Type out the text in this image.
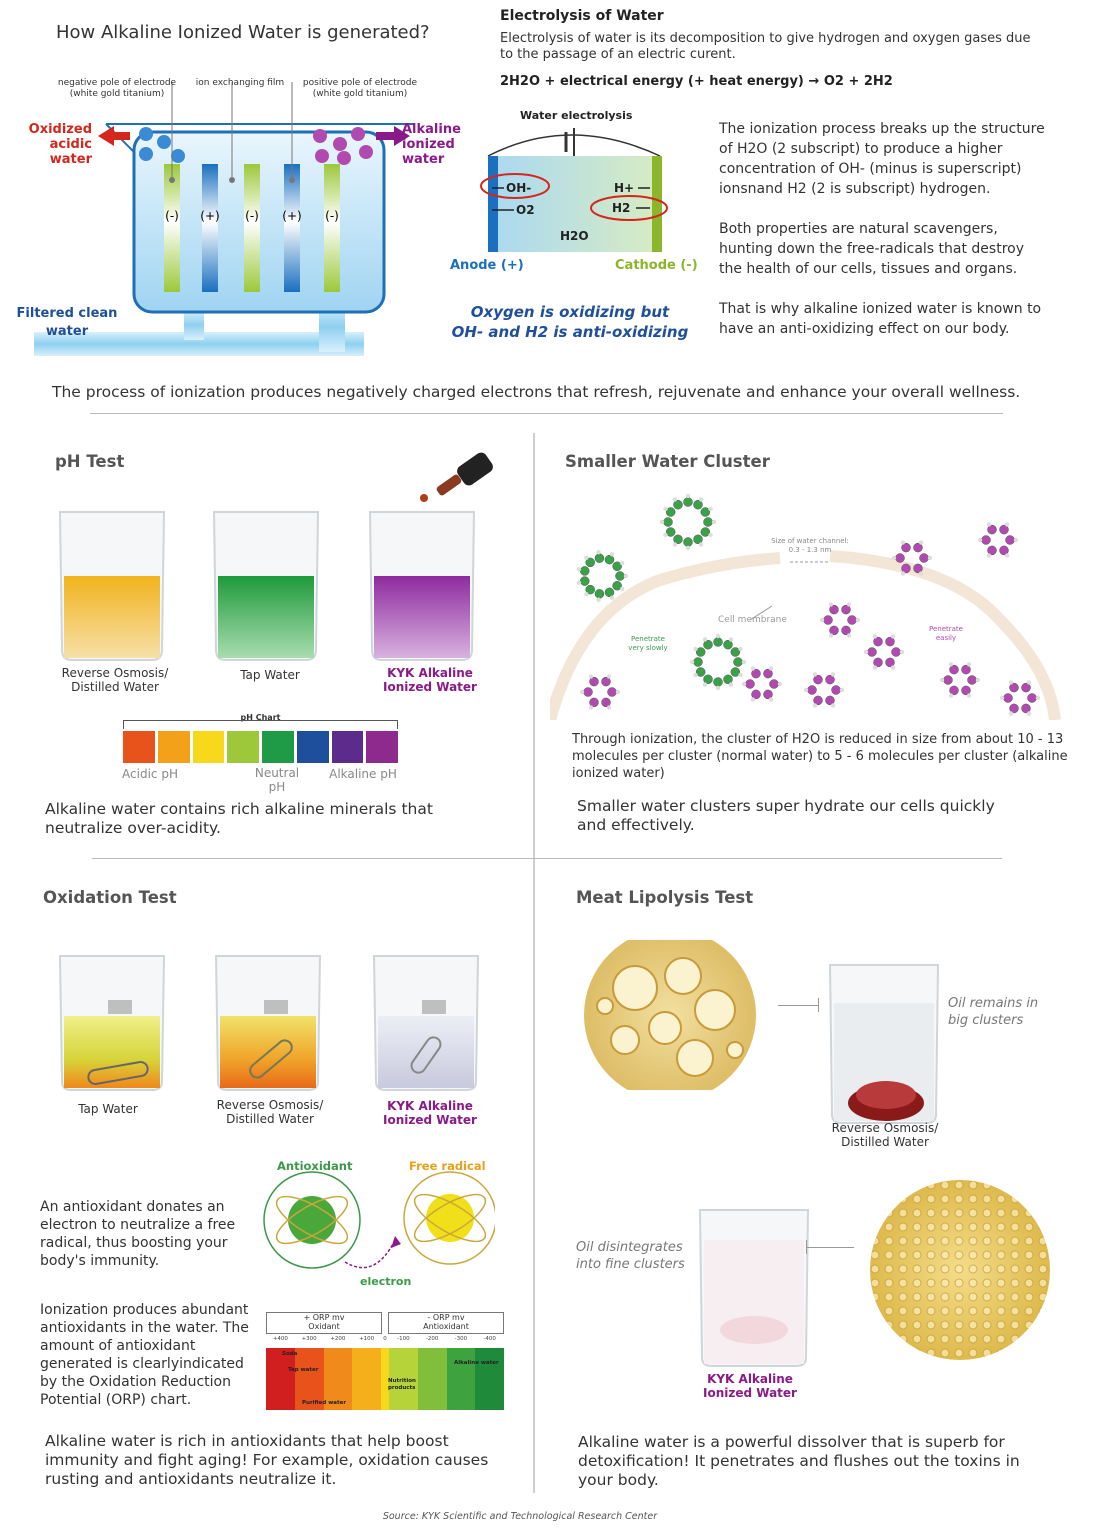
How Alkaline Ionized Water is generated?
(-) (+) (-) (+) (-)
negative pole of electrode
(white gold titanium)
ion exchanging film	positive pole of electrode
(white gold titanium)
Oxidized
acidic
water
Alkaline
ionized
water
Filtered clean
water
Electrolysis of Water
Electrolysis of water is its decomposition to give hydrogen and oxygen gases due to the passage of an electric curent.
2H2O + electrical energy (+ heat energy) → O2 + 2H2
OH-
O2
H+
H2
H2O
Water electrolysis
Anode (+)	Cathode (-)
Oxygen is oxidizing but
OH- and H2 is anti-oxidizing
The ionization process breaks up the structure of H2O (2 subscript) to produce a higher concentration of OH- (minus is superscript) ionsnand H2 (2 is subscript) hydrogen.
Both properties are natural scavengers, hunting down the free-radicals that destroy the health of our cells, tissues and organs.
That is why alkaline ionized water is known to have an anti-oxidizing effect on our body.
The process of ionization produces negatively charged electrons that refresh, rejuvenate and enhance your overall wellness.
pH Test
Reverse Osmosis/
Distilled Water
Tap Water	KYK Alkaline
Ionized Water
pH Chart
Acidic pH	Neutral
pH
Alkaline pH
Alkaline water contains rich alkaline minerals that neutralize over-acidity.
Smaller Water Cluster
Size of water channel:
0.3 - 1.3 nm
Cell membrane
Penetrate
very slowly
Penetrate
easily
Through ionization, the cluster of H2O is reduced in size from about 10 - 13 molecules per cluster (normal water) to 5 - 6 molecules per cluster (alkaline ionized water)
Smaller water clusters super hydrate our cells quickly and effectively.
Oxidation Test
Tap Water	Reverse Osmosis/
Distilled Water
KYK Alkaline
Ionized Water
Antioxidant	Free radical
electron
An antioxidant donates an electron to neutralize a free radical, thus boosting your body's immunity.
Ionization produces abundant antioxidants in the water. The amount of antioxidant generated is clearlyindicated by the Oxidation Reduction Potential (ORP) chart.
+ ORP mv
Oxidant
- ORP mv
Antioxidant
+400	+300	+200	+100	0	-100	-200	-300	-400
Soda
Tap water
Purified water
Nutrition
products
Alkaline water
Alkaline water is rich in antioxidants that help boost immunity and fight aging! For example, oxidation causes rusting and antioxidants neutralize it.
Meat Lipolysis Test
Oil remains in
big clusters
Reverse Osmosis/
Distilled Water
Oil disintegrates
into fine clusters
KYK Alkaline
Ionized Water
Alkaline water is a powerful dissolver that is superb for detoxification! It penetrates and flushes out the toxins in your body.
Source: KYK Scientific and Technological Research Center
